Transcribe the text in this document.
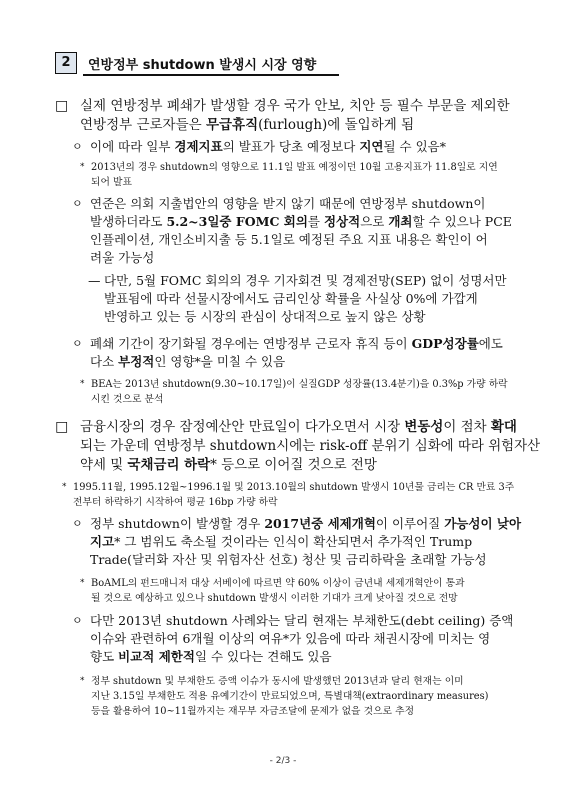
2	연방정부 shutdown 발생시 시장 영향
□ 실제 연방정부 폐쇄가 발생할 경우 국가 안보, 치안 등 필수 부문을 제외한
연방정부 근로자들은 무급휴직(furlough)에 돌입하게 됨
ㅇ 이에 따라 일부 경제지표의 발표가 당초 예정보다 지연될 수 있음*
* 2013년의 경우 shutdown의 영향으로 11.1일 발표 예정이던 10월 고용지표가 11.8일로 지연
되어 발표
ㅇ 연준은 의회 지출법안의 영향을 받지 않기 때문에 연방정부 shutdown이
발생하더라도 5.2~3일중 FOMC 회의를 정상적으로 개최할 수 있으나 PCE
인플레이션, 개인소비지출 등 5.1일로 예정된 주요 지표 내용은 확인이 어
려울 가능성
— 다만, 5월 FOMC 회의의 경우 기자회견 및 경제전망(SEP) 없이 성명서만
발표됨에 따라 선물시장에서도 금리인상 확률을 사실상 0%에 가깝게
반영하고 있는 등 시장의 관심이 상대적으로 높지 않은 상황
ㅇ 폐쇄 기간이 장기화될 경우에는 연방정부 근로자 휴직 등이 GDP성장률에도
다소 부정적인 영향*을 미칠 수 있음
* BEA는 2013년 shutdown(9.30~10.17일)이 실질GDP 성장률(13.4분기)을 0.3%p 가량 하락
시킨 것으로 분석
□ 금융시장의 경우 잠정예산안 만료일이 다가오면서 시장 변동성이 점차 확대
되는 가운데 연방정부 shutdown시에는 risk-off 분위기 심화에 따라 위험자산
약세 및 국채금리 하락* 등으로 이어질 것으로 전망
* 1995.11월, 1995.12월~1996.1월 및 2013.10월의 shutdown 발생시 10년물 금리는 CR 만료 3주
전부터 하락하기 시작하여 평균 16bp 가량 하락
ㅇ 정부 shutdown이 발생할 경우 2017년중 세제개혁이 이루어질 가능성이 낮아
지고* 그 범위도 축소될 것이라는 인식이 확산되면서 추가적인 Trump
Trade(달러화 자산 및 위험자산 선호) 청산 및 금리하락을 초래할 가능성
* BoAML의 펀드매니저 대상 서베이에 따르면 약 60% 이상이 금년내 세제개혁안이 통과
될 것으로 예상하고 있으나 shutdown 발생시 이러한 기대가 크게 낮아질 것으로 전망
ㅇ 다만 2013년 shutdown 사례와는 달리 현재는 부채한도(debt ceiling) 증액
이슈와 관련하여 6개월 이상의 여유*가 있음에 따라 채권시장에 미치는 영
향도 비교적 제한적일 수 있다는 견해도 있음
* 정부 shutdown 및 부채한도 증액 이슈가 동시에 발생했던 2013년과 달리 현재는 이미
지난 3.15일 부채한도 적용 유예기간이 만료되었으며, 특별대책(extraordinary measures)
등을 활용하여 10~11월까지는 재무부 자금조달에 문제가 없을 것으로 추정
- 2/3 -
